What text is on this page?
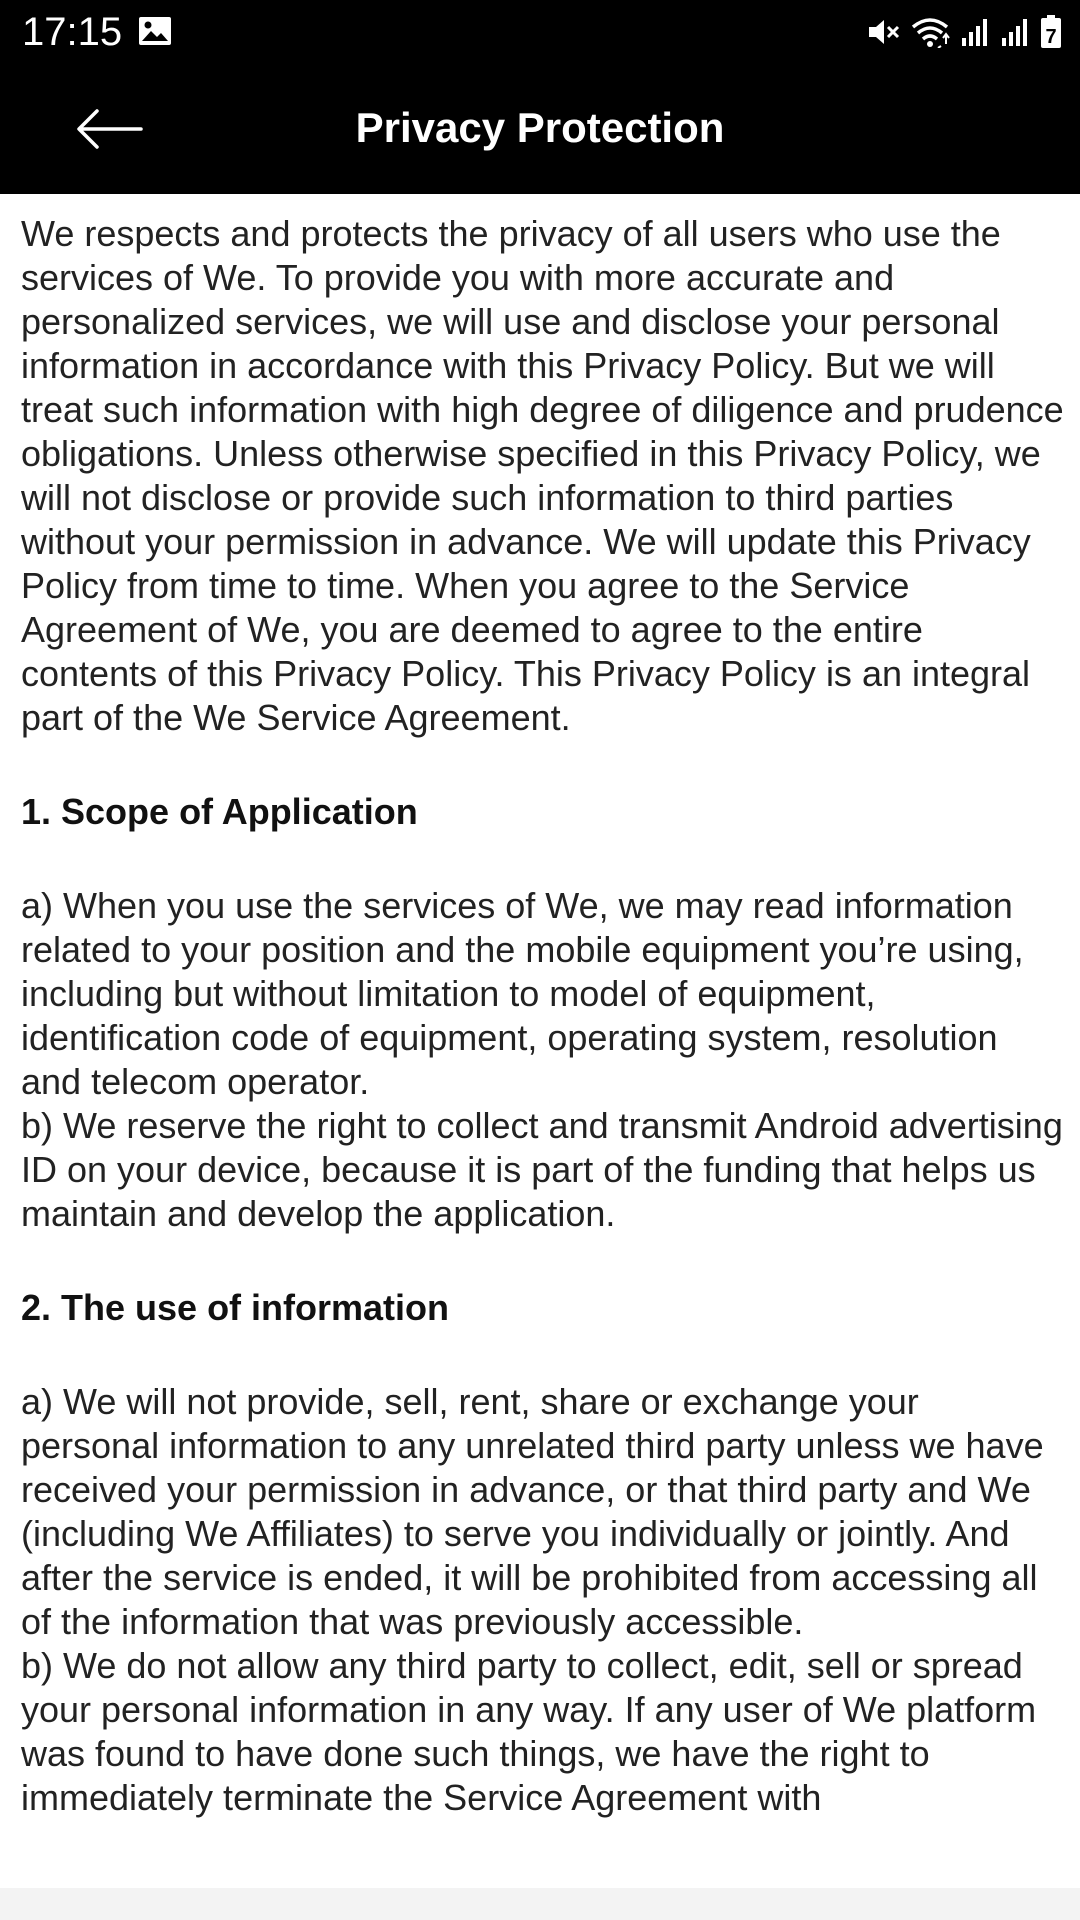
17:15	7
Privacy Protection

We respects and protects the privacy of all users who use the services of We. To provide you with more accurate and personalized services, we will use and disclose your personal information in accordance with this Privacy Policy. But we will treat such information with high degree of diligence and prudence obligations. Unless otherwise specified in this Privacy Policy, we will not disclose or provide such information to third parties without your permission in advance. We will update this Privacy Policy from time to time. When you agree to the Service Agreement of We, you are deemed to agree to the entire contents of this Privacy Policy. This Privacy Policy is an integral part of the We Service Agreement.

1. Scope of Application

a) When you use the services of We, we may read information related to your position and the mobile equipment you’re using, including but without limitation to model of equipment, identification code of equipment, operating system, resolution and telecom operator.
b) We reserve the right to collect and transmit Android advertising ID on your device, because it is part of the funding that helps us maintain and develop the application.

2. The use of information

a) We will not provide, sell, rent, share or exchange your personal information to any unrelated third party unless we have received your permission in advance, or that third party and We (including We Affiliates) to serve you individually or jointly. And after the service is ended, it will be prohibited from accessing all of the information that was previously accessible.
b) We do not allow any third party to collect, edit, sell or spread your personal information in any way. If any user of We platform was found to have done such things, we have the right to immediately terminate the Service Agreement with
